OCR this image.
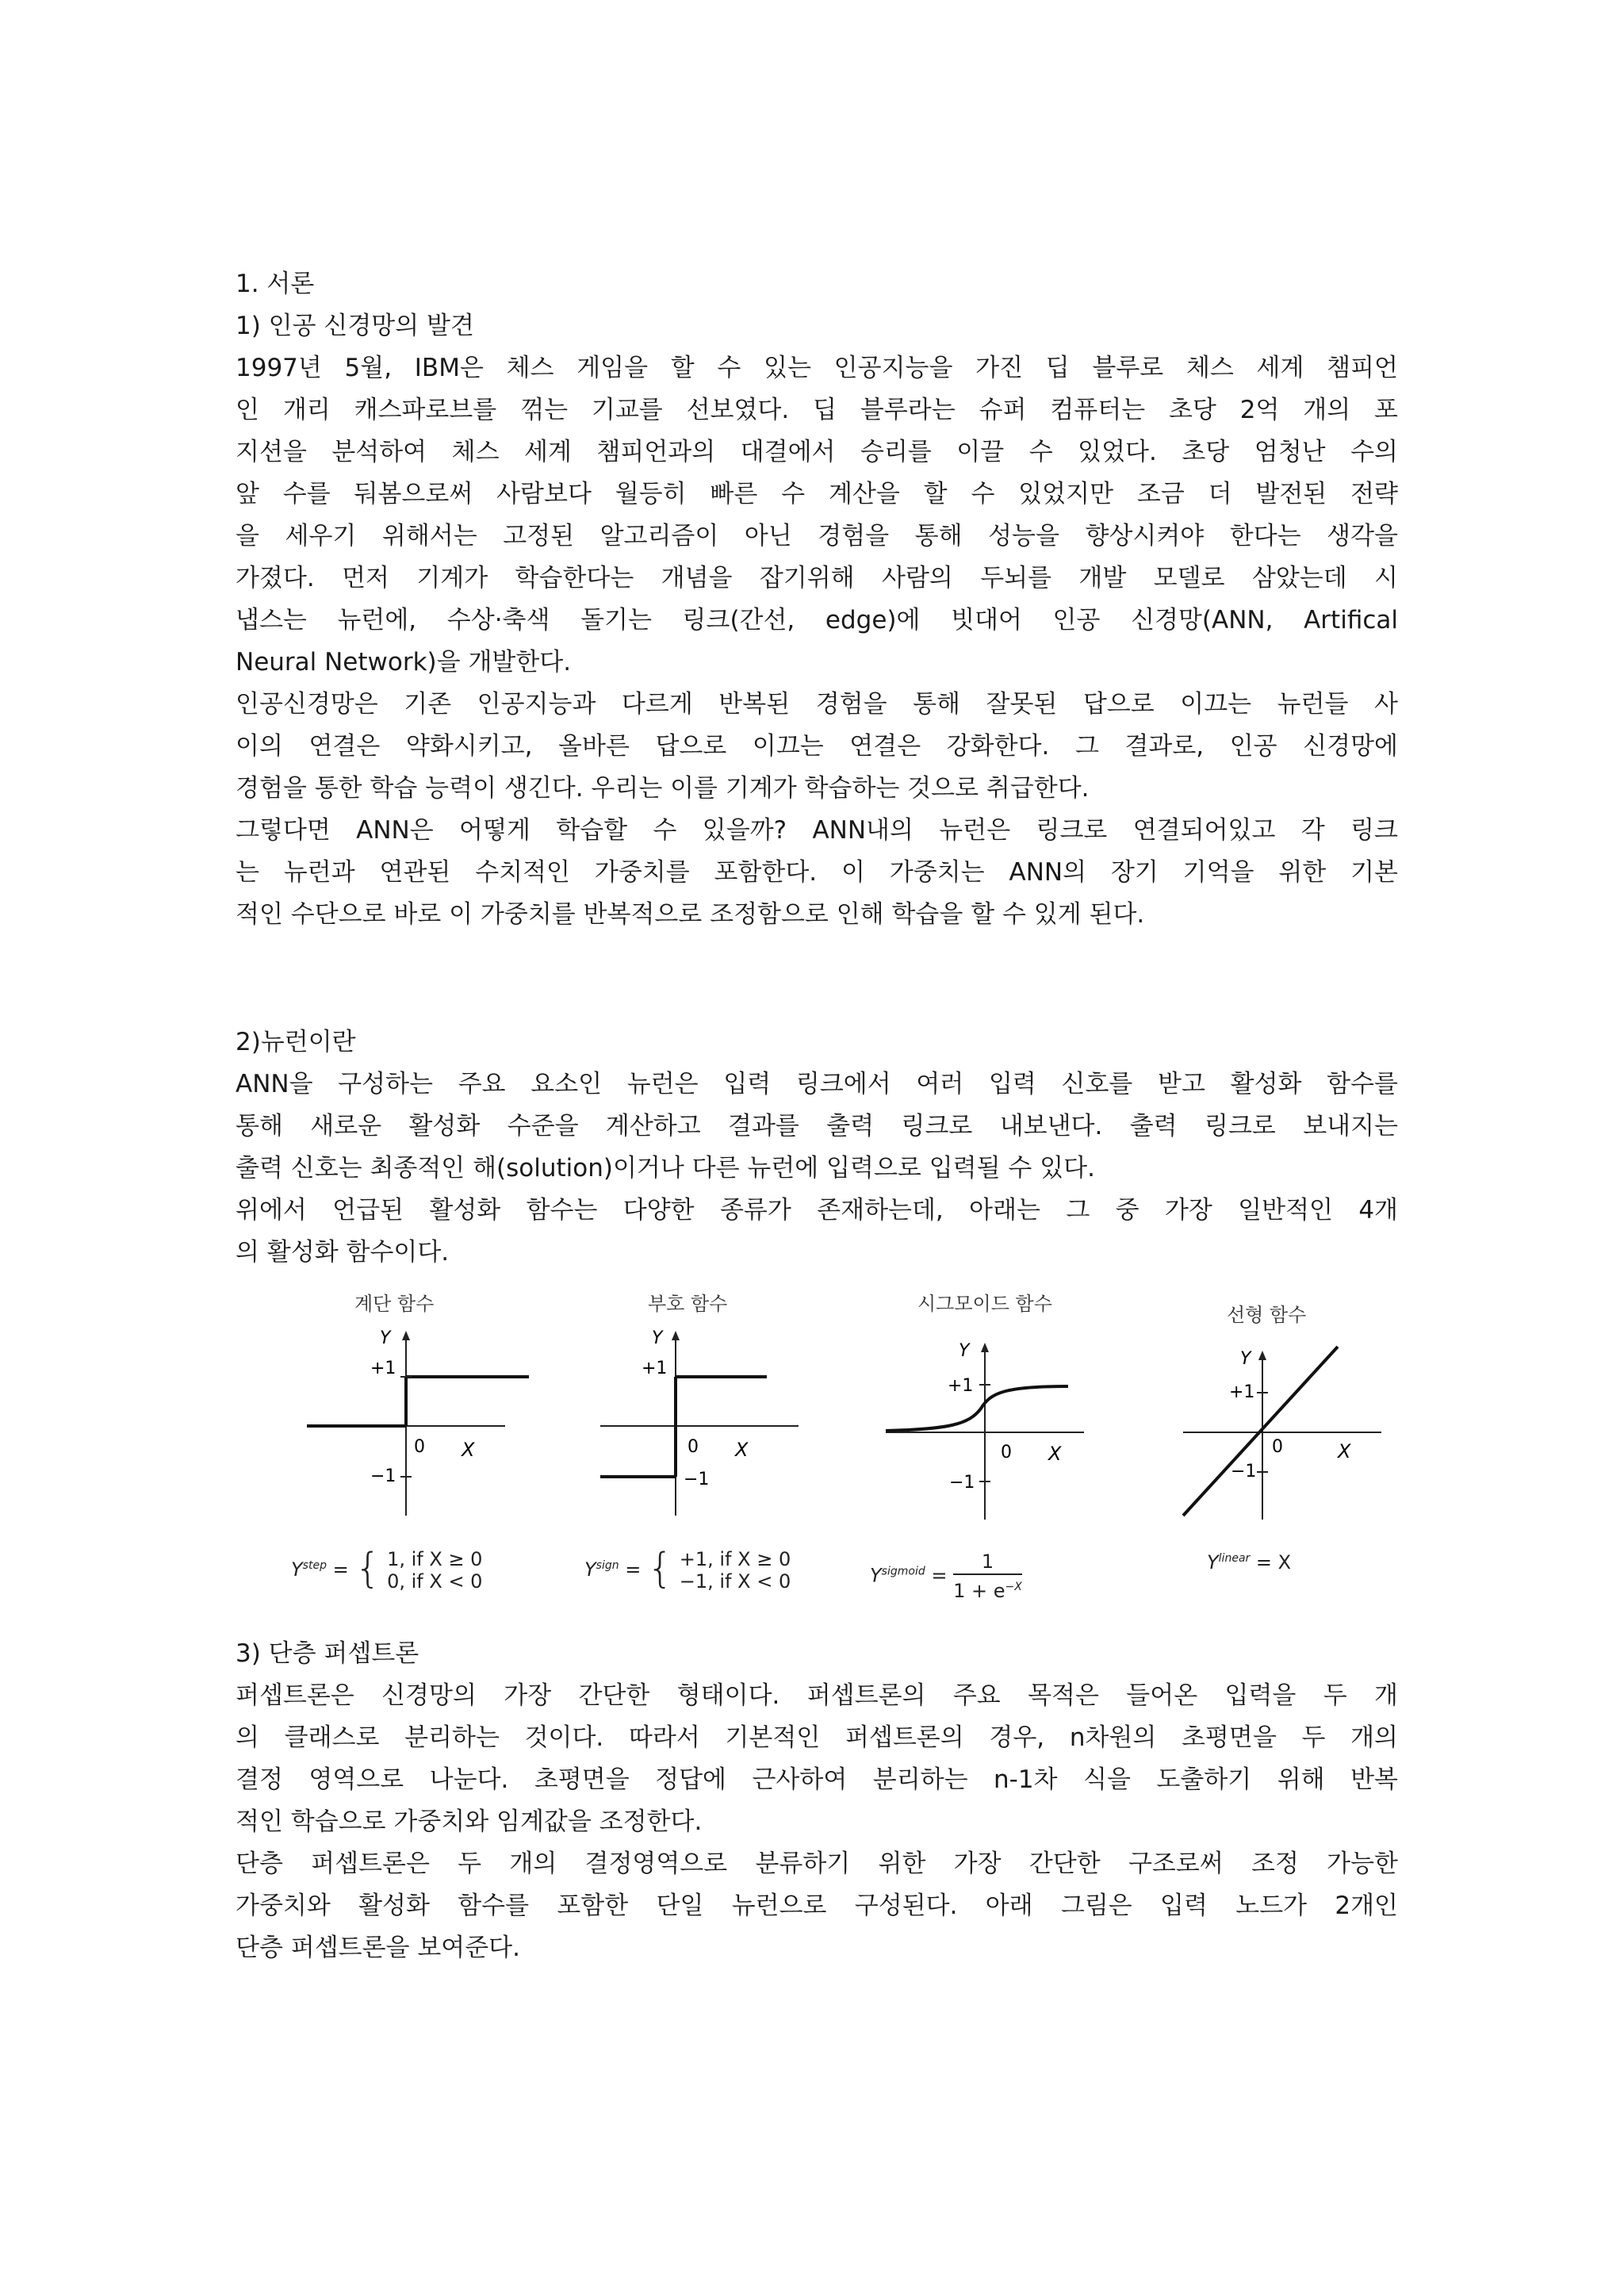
1. 서론

1) 인공 신경망의 발견

1997년 5월, IBM은 체스 게임을 할 수 있는 인공지능을 가진 딥 블루로 체스 세계 챔피언

인 개리 캐스파로브를 꺾는 기교를 선보였다. 딥 블루라는 슈퍼 컴퓨터는 초당 2억 개의 포

지션을 분석하여 체스 세계 챔피언과의 대결에서 승리를 이끌 수 있었다. 초당 엄청난 수의

앞 수를 둬봄으로써 사람보다 월등히 빠른 수 계산을 할 수 있었지만 조금 더 발전된 전략

을 세우기 위해서는 고정된 알고리즘이 아닌 경험을 통해 성능을 향상시켜야 한다는 생각을

가졌다. 먼저 기계가 학습한다는 개념을 잡기위해 사람의 두뇌를 개발 모델로 삼았는데 시

냅스는 뉴런에, 수상·축색 돌기는 링크(간선, edge)에 빗대어 인공 신경망(ANN, Artifical

Neural Network)을 개발한다.

인공신경망은 기존 인공지능과 다르게 반복된 경험을 통해 잘못된 답으로 이끄는 뉴런들 사

이의 연결은 약화시키고, 올바른 답으로 이끄는 연결은 강화한다. 그 결과로, 인공 신경망에

경험을 통한 학습 능력이 생긴다. 우리는 이를 기계가 학습하는 것으로 취급한다.

그렇다면 ANN은 어떻게 학습할 수 있을까? ANN내의 뉴런은 링크로 연결되어있고 각 링크

는 뉴런과 연관된 수치적인 가중치를 포함한다. 이 가중치는 ANN의 장기 기억을 위한 기본

적인 수단으로 바로 이 가중치를 반복적으로 조정함으로 인해 학습을 할 수 있게 된다.

2)뉴런이란

ANN을 구성하는 주요 요소인 뉴런은 입력 링크에서 여러 입력 신호를 받고 활성화 함수를

통해 새로운 활성화 수준을 계산하고 결과를 출력 링크로 내보낸다. 출력 링크로 보내지는

출력 신호는 최종적인 해(solution)이거나 다른 뉴런에 입력으로 입력될 수 있다.

위에서 언급된 활성화 함수는 다양한 종류가 존재하는데, 아래는 그 중 가장 일반적인 4개

의 활성화 함수이다.

계단 함수
Y
+1
0 X
−1
$Y^{step}$ = { 1, if X ≥ 0
0, if X < 0
부호 함수
Y
+1
0 X
−1
$Y^{sign}$ = { +1, if X ≥ 0
−1, if X < 0
시그모이드 함수
Y
+1
0 X
−1
$Y^{sigmoid} = \frac{1}{1 + e^{-X}}$
선형 함수
Y
+1
0	X
−1
$Y^{linear} = X$

3) 단층 퍼셉트론

퍼셉트론은 신경망의 가장 간단한 형태이다. 퍼셉트론의 주요 목적은 들어온 입력을 두 개

의 클래스로 분리하는 것이다. 따라서 기본적인 퍼셉트론의 경우, n차원의 초평면을 두 개의

결정 영역으로 나눈다. 초평면을 정답에 근사하여 분리하는 n-1차 식을 도출하기 위해 반복

적인 학습으로 가중치와 임계값을 조정한다.

단층 퍼셉트론은 두 개의 결정영역으로 분류하기 위한 가장 간단한 구조로써 조정 가능한

가중치와 활성화 함수를 포함한 단일 뉴런으로 구성된다. 아래 그림은 입력 노드가 2개인

단층 퍼셉트론을 보여준다.
